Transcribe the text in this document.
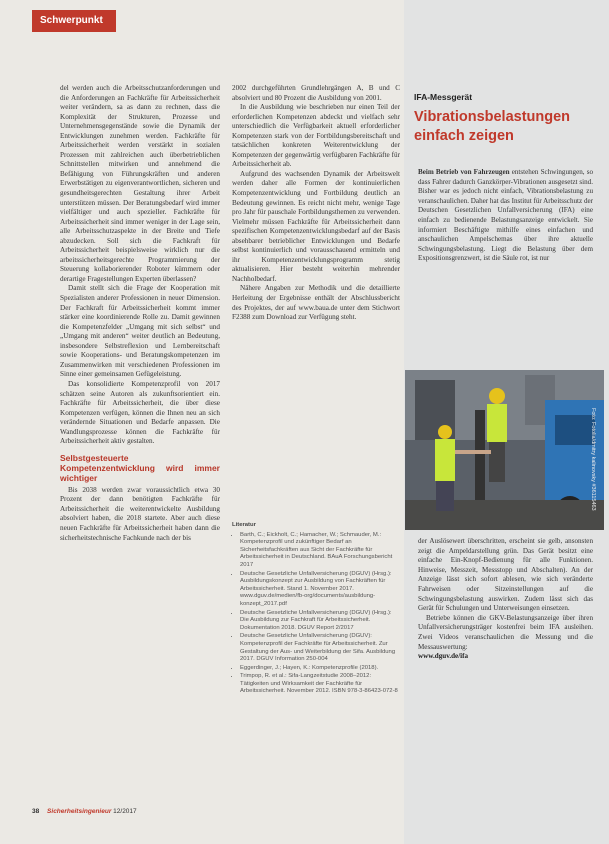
Schwerpunkt

del werden auch die Arbeitsschutzanforderungen und die Anforderungen an Fachkräfte für Arbeitssicherheit weiter verändern, sa as dann zu rechnen, dass die Komplexität der Strukturen, Prozesse und Unternehmensgegenstände sowie die Dynamik der Entwicklungen zunehmen werden. Fachkräfte für Arbeitssicherheit werden verstärkt in sozialen Prozessen mit zahlreichen auch überbetrieblichen Schnittstellen mitwirken und annehmend die Befähigung von Führungskräften und anderen Erwerbstätigen zu eigenverantwortlichen, sicheren und gesundheitsgerechten Gestaltung ihrer Arbeit unterstützen müssen. Der Beratungsbedarf wird immer vielfältiger und auch spezieller. Fachkräfte für Arbeitssicherheit sind immer weniger in der Lage sein, alle Arbeitsschutzaspekte in der Breite und Tiefe abzudecken. Soll sich die Fachkraft für Arbeitssicherheit beispielsweise wirklich nur die arbeitssicherheitsgerechte Programmierung der Steuerung kollaborierender Roboter kümmern oder derartige Fragestellungen Experten überlassen?

Damit stellt sich die Frage der Kooperation mit Spezialisten anderer Professionen in neuer Dimension. Der Fachkraft für Arbeitssicherheit kommt immer stärker eine koordinierende Rolle zu. Damit gewinnen die Kompetenzfelder „Umgang mit sich selbst“ und „Umgang mit anderen“ weiter deutlich an Bedeutung, insbesondere Selbstreflexion und Lernbereitschaft sowie Kooperations- und Beratungskompetenzen im Zusammenwirken mit verschiedenen Professionen im Sinne einer gemeinsamen Gefügeleistung.

Das konsolidierte Kompetenzprofil von 2017 schätzen seine Autoren als zukunftsorientiert ein. Fachkräfte für Arbeitssicherheit, die über diese Kompetenzen verfügen, können die Ihnen neu an sich verändernde Situationen und Bedarfe anpassen. Die Wandlungsprozesse können die Fachkräfte für Arbeitssicherheit aktiv gestalten.

Selbstgesteuerte Kompetenzentwicklung wird immer wichtiger

Bis 2038 werden zwar voraussichtlich etwa 30 Prozent der dann benötigten Fachkräfte für Arbeitssicherheit die weiterentwickelte Ausbildung absolviert haben, die 2018 startete. Aber auch diese neuen Fachkräfte für Arbeitssicherheit haben dann die sicherheitstechnische Fachkunde nach der bis

2002 durchgeführten Grundlehrgängen A, B und C absolviert und 80 Prozent die Ausbildung von 2001.

In die Ausbildung wie beschrieben nur einen Teil der erforderlichen Kompetenzen abdeckt und vielfach sehr unterschiedlich die Verfügbarkeit aktuell erforderlicher Kompetenzen stark von der Fortbildungsbereitschaft und tatsächlichen konkreten Weiterentwicklung der Kompetenzen der gegenwärtig verfügbaren Fachkräfte für Arbeitssicherheit ab.

Aufgrund des wachsenden Dynamik der Arbeitswelt werden daher alle Formen der kontinuierlichen Kompetenzentwicklung und Fortbildung deutlich an Bedeutung gewinnen. Es reicht nicht mehr, wenige Tage pro Jahr für pauschale Fortbildungsthemen zu verwenden. Vielmehr müssen Fachkräfte für Arbeitssicherheit dann spezifischen Kompetenzentwicklungsbedarf auf der Basis absehbarer betrieblicher Entwicklungen und Bedarfe selbst kontinuierlich und vorausschauend ermitteln und ihr Kompetenzentwicklungsprogramm stetig aktualisieren. Hier besteht weiterhin mehrender Nachholbedarf.

Nähere Angaben zur Methodik und die detaillierte Herleitung der Ergebnisse enthält der Abschlussbericht des Projektes, der auf www.baua.de unter dem Stichwort F2388 zum Download zur Verfügung steht.

Literatur
• Barth, C.; Eickholt, C.; Hamacher, W.; Schmauder, M.: Kompetenzprofil und zukünftiger Bedarf an Sicherheitsfachkräften aus Sicht der Fachkräfte für Arbeitssicherheit in Deutschland. BAuA Forschungsbericht 2017
• Deutsche Gesetzliche Unfallversicherung (DGUV) (Hrsg.): Ausbildungskonzept zur Ausbildung von Fachkräften für Arbeitssicherheit. Stand 1. November 2017. www.dguv.de/medien/fb-org/documents/ausbildung-konzept_2017.pdf
• Deutsche Gesetzliche Unfallversicherung (DGUV) (Hrsg.): Die Ausbildung zur Fachkraft für Arbeitssicherheit. Dokumentation 2018. DGUV Report 2/2017
• Deutsche Gesetzliche Unfallversicherung (DGUV): Kompetenzprofil der Fachkräfte für Arbeitssicherheit. Zur Gestaltung der Aus- und Weiterbildung der Sifa. Ausbildung 2017. DGUV Information 250-004
• Eggerdinger, J.; Hayen, K.: Kompetenzprofile (2018).
• Trimpop, R. et al.: Sifa-Langzeitstudie 2008–2012: Tätigkeiten und Wirksamkeit der Fachkräfte für Arbeitssicherheit. November 2012. ISBN 978-3-86423-072-8
38 Sicherheitsingenieur 12/2017
IFA-Messgerät
Vibrationsbelastungen einfach zeigen

Beim Betrieb von Fahrzeugen entstehen Schwingungen, so dass Fahrer dadurch Ganzkörper-Vibrationen ausgesetzt sind. Bisher war es jedoch nicht einfach, Vibrationsbelastung zu veranschaulichen. Daher hat das Institut für Arbeitsschutz der Deutschen Gesetzlichen Unfallversicherung (IFA) eine einfach zu bedienende Belastungsanzeige entwickelt. Sie informiert Beschäftigte mithilfe eines einfachen und anschaulichen Ampelschemas über ihre aktuelle Schwingungsbelastung. Liegt die Belastung über dem Expositionsgrenzwert, ist die Säule rot, ist nur

Foto: Fotolia/dmitry kalinovsky #36115463

der Auslösewert überschritten, erscheint sie gelb, ansonsten zeigt die Ampeldarstellung grün. Das Gerät besitzt eine einfache Ein-Knopf-Bedienung für alle Funktionen. Hinweise, Messzeit, Messstopp und Abschalten). An der Anzeige lässt sich sofort ablesen, wie sich veränderte Fahrweisen oder Sitzeinstellungen auf die Schwingungsbelastung auswirken. Zudem lässt sich das Gerät für Schulungen und Unterweisungen einsetzen.

Betriebe können die GKV-Belastungsanzeige über ihren Unfallversicherungsträger kostenfrei beim IFA ausleihen. Zwei Videos veranschaulichen die Messung und die Messauswertung:

www.dguv.de/ifa
